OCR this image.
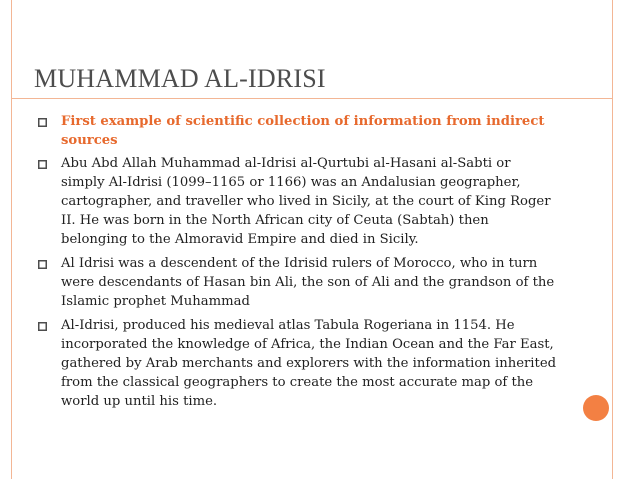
MUHAMMAD AL-IDRISI
First example of scientific collection of information from indirect sources
Abu Abd Allah Muhammad al-Idrisi al-Qurtubi al-Hasani al-Sabti or simply Al-Idrisi (1099–1165 or 1166) was an Andalusian geographer, cartographer, and traveller who lived in Sicily, at the court of King Roger II. He was born in the North African city of Ceuta (Sabtah) then belonging to the Almoravid Empire and died in Sicily.
Al Idrisi was a descendent of the Idrisid rulers of Morocco, who in turn were descendants of Hasan bin Ali, the son of Ali and the grandson of the Islamic prophet Muhammad
Al-Idrisi, produced his medieval atlas Tabula Rogeriana in 1154. He incorporated the knowledge of Africa, the Indian Ocean and the Far East, gathered by Arab merchants and explorers with the information inherited from the classical geographers to create the most accurate map of the world up until his time.
